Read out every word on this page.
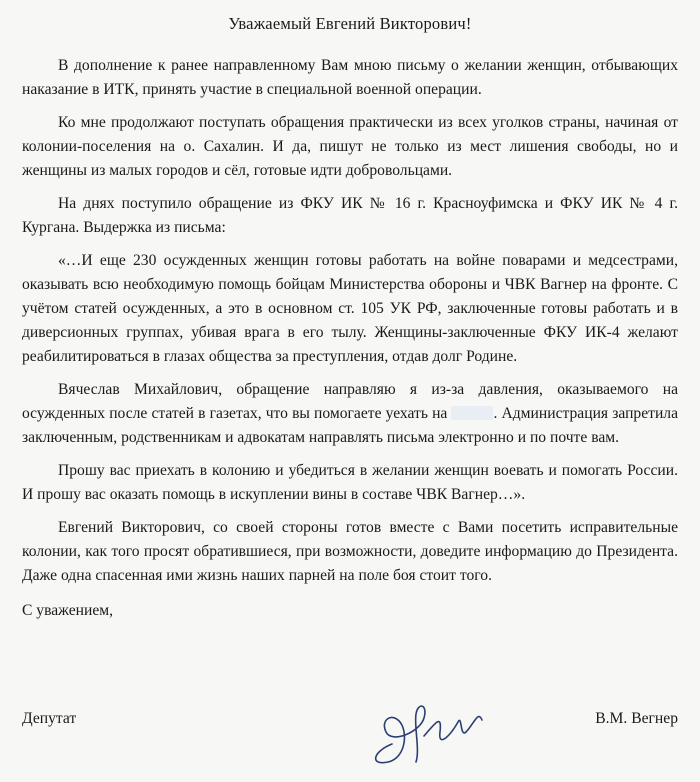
Уважаемый Евгений Викторович!

В дополнение к ранее направленному Вам мною письму о желании женщин, отбывающих наказание в ИТК, принять участие в специальной военной операции.

Ко мне продолжают поступать обращения практически из всех уголков страны, начиная от колонии-поселения на о. Сахалин. И да, пишут не только из мест лишения свободы, но и женщины из малых городов и сёл, готовые идти добровольцами.

На днях поступило обращение из ФКУ ИК № 16 г. Красноуфимска и ФКУ ИК № 4 г. Кургана. Выдержка из письма:

«…И еще 230 осужденных женщин готовы работать на войне поварами и медсестрами, оказывать всю необходимую помощь бойцам Министерства обороны и ЧВК Вагнер на фронте. С учётом статей осужденных, а это в основном ст. 105 УК РФ, заключенные готовы работать и в диверсионных группах, убивая врага в его тылу. Женщины-заключенные ФКУ ИК-4 желают реабилитироваться в глазах общества за преступления, отдав долг Родине.

Вячеслав Михайлович, обращение направляю я из-за давления, оказываемого на осужденных после статей в газетах, что вы помогаете уехать на	. Администрация запретила заключенным, родственникам и адвокатам направлять письма электронно и по почте вам.

Прошу вас приехать в колонию и убедиться в желании женщин воевать и помогать России. И прошу вас оказать помощь в искуплении вины в составе ЧВК Вагнер…».

Евгений Викторович, со своей стороны готов вместе с Вами посетить исправительные колонии, как того просят обратившиеся, при возможности, доведите информацию до Президента. Даже одна спасенная ими жизнь наших парней на поле боя стоит того.

С уважением,
Депутат	В.М. Вегнер
